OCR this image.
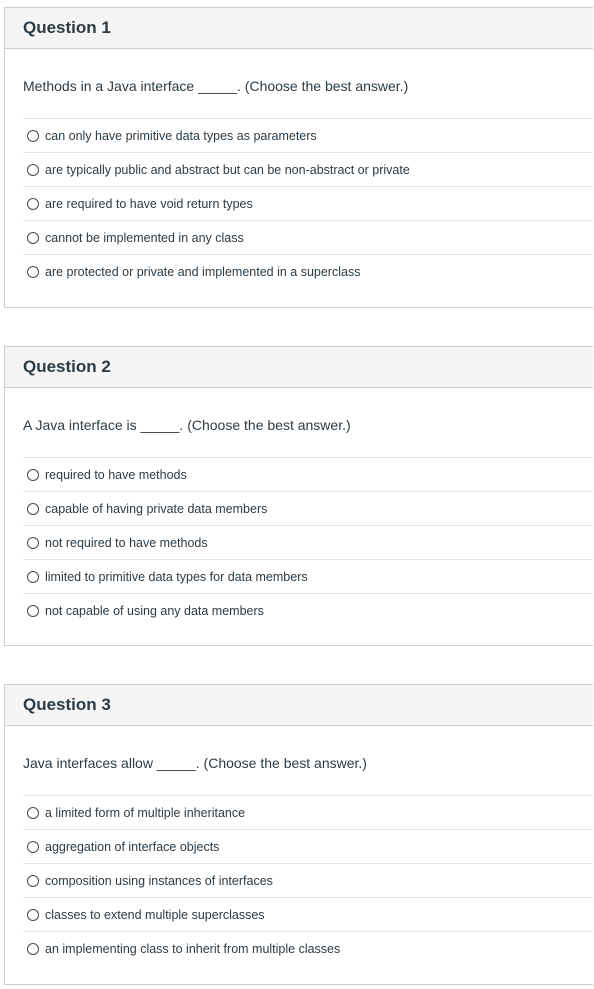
Question 1
Methods in a Java interface _____. (Choose the best answer.)
can only have primitive data types as parameters
are typically public and abstract but can be non-abstract or private
are required to have void return types
cannot be implemented in any class
are protected or private and implemented in a superclass
Question 2
A Java interface is _____. (Choose the best answer.)
required to have methods
capable of having private data members
not required to have methods
limited to primitive data types for data members
not capable of using any data members
Question 3
Java interfaces allow _____. (Choose the best answer.)
a limited form of multiple inheritance
aggregation of interface objects
composition using instances of interfaces
classes to extend multiple superclasses
an implementing class to inherit from multiple classes
